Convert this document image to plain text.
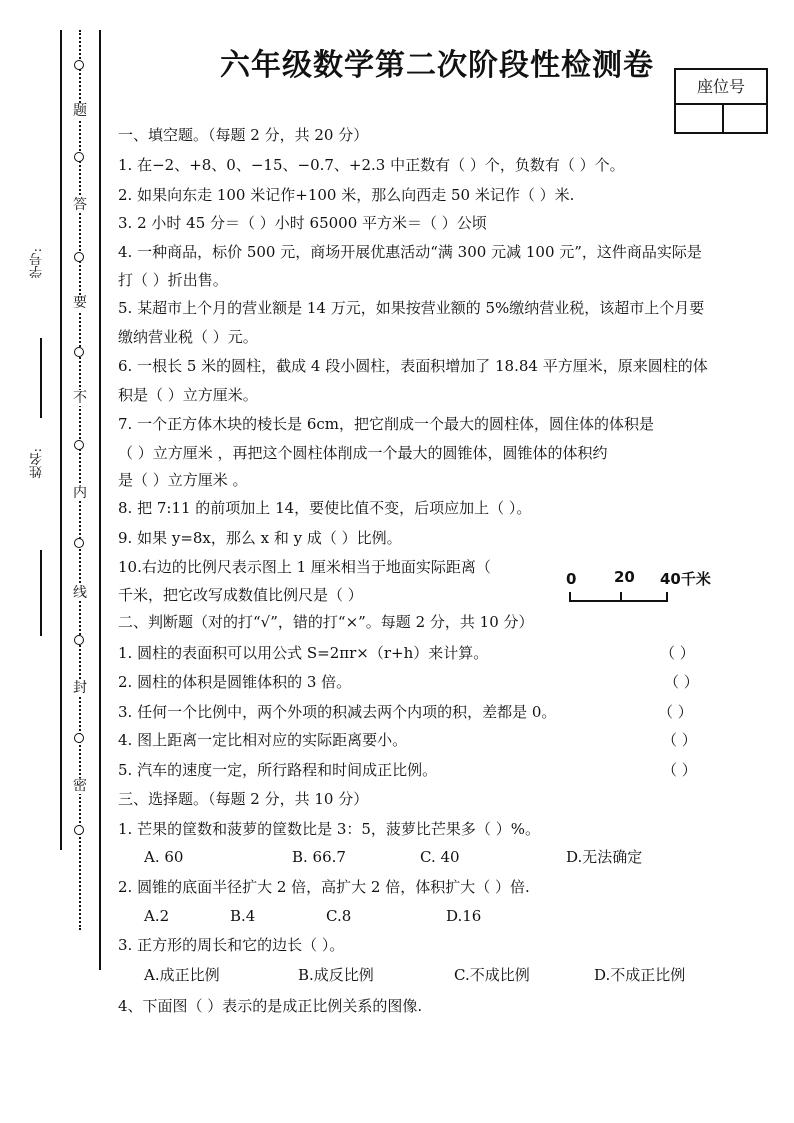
题
答
要
不
内
线
封
密
学号:
姓名:
六年级数学第二次阶段性检测卷
座位号
一、填空题。（每题 2 分，共 20 分）
1. 在−2、+8、0、−15、−0.7、+2.3 中正数有（ ）个，负数有（ ）个。
2. 如果向东走 100 米记作+100 米，那么向西走 50 米记作（ ）米.
3. 2 小时 45 分＝（ ）小时 65000 平方米＝（ ）公顷
4. 一种商品，标价 500 元，商场开展优惠活动“满 300 元减 100 元”，这件商品实际是
打（ ）折出售。
5. 某超市上个月的营业额是 14 万元，如果按营业额的 5%缴纳营业税，该超市上个月要
缴纳营业税（ ）元。
6. 一根长 5 米的圆柱，截成 4 段小圆柱，表面积增加了 18.84 平方厘米，原来圆柱的体
积是（ ）立方厘米。
7. 一个正方体木块的棱长是 6cm，把它削成一个最大的圆柱体，圆住体的体积是
（ ）立方厘米 ，再把这个圆柱体削成一个最大的圆锥体，圆锥体的体积约
是（ ）立方厘米 。
8. 把 7:11 的前项加上 14，要使比值不变，后项应加上（ ）。
9. 如果 y=8x，那么 x 和 y 成（ ）比例。
10.右边的比例尺表示图上 1 厘米相当于地面实际距离（
千米，把它改写成数值比例尺是（ ）
0	20 40千米
二、判断题（对的打“√”，错的打“×”。每题 2 分，共 10 分）
1. 圆柱的表面积可以用公式 S=2πr×（r+h）来计算。	（ ）
2. 圆柱的体积是圆锥体积的 3 倍。	（ ）
3. 任何一个比例中，两个外项的积减去两个内项的积，差都是 0。	（ ）
4. 图上距离一定比相对应的实际距离要小。	（ ）
5. 汽车的速度一定，所行路程和时间成正比例。	（ ）
三、选择题。（每题 2 分，共 10 分）
1. 芒果的筐数和菠萝的筐数比是 3：5，菠萝比芒果多（ ）%。
A. 60	B. 66.7	C. 40	D.无法确定
2. 圆锥的底面半径扩大 2 倍，高扩大 2 倍，体积扩大（ ）倍.
A.2	B.4	C.8	D.16
3. 正方形的周长和它的边长（ ）。
A.成正比例	B.成反比例	C.不成比例	D.不成正比例
4、下面图（ ）表示的是成正比例关系的图像.
